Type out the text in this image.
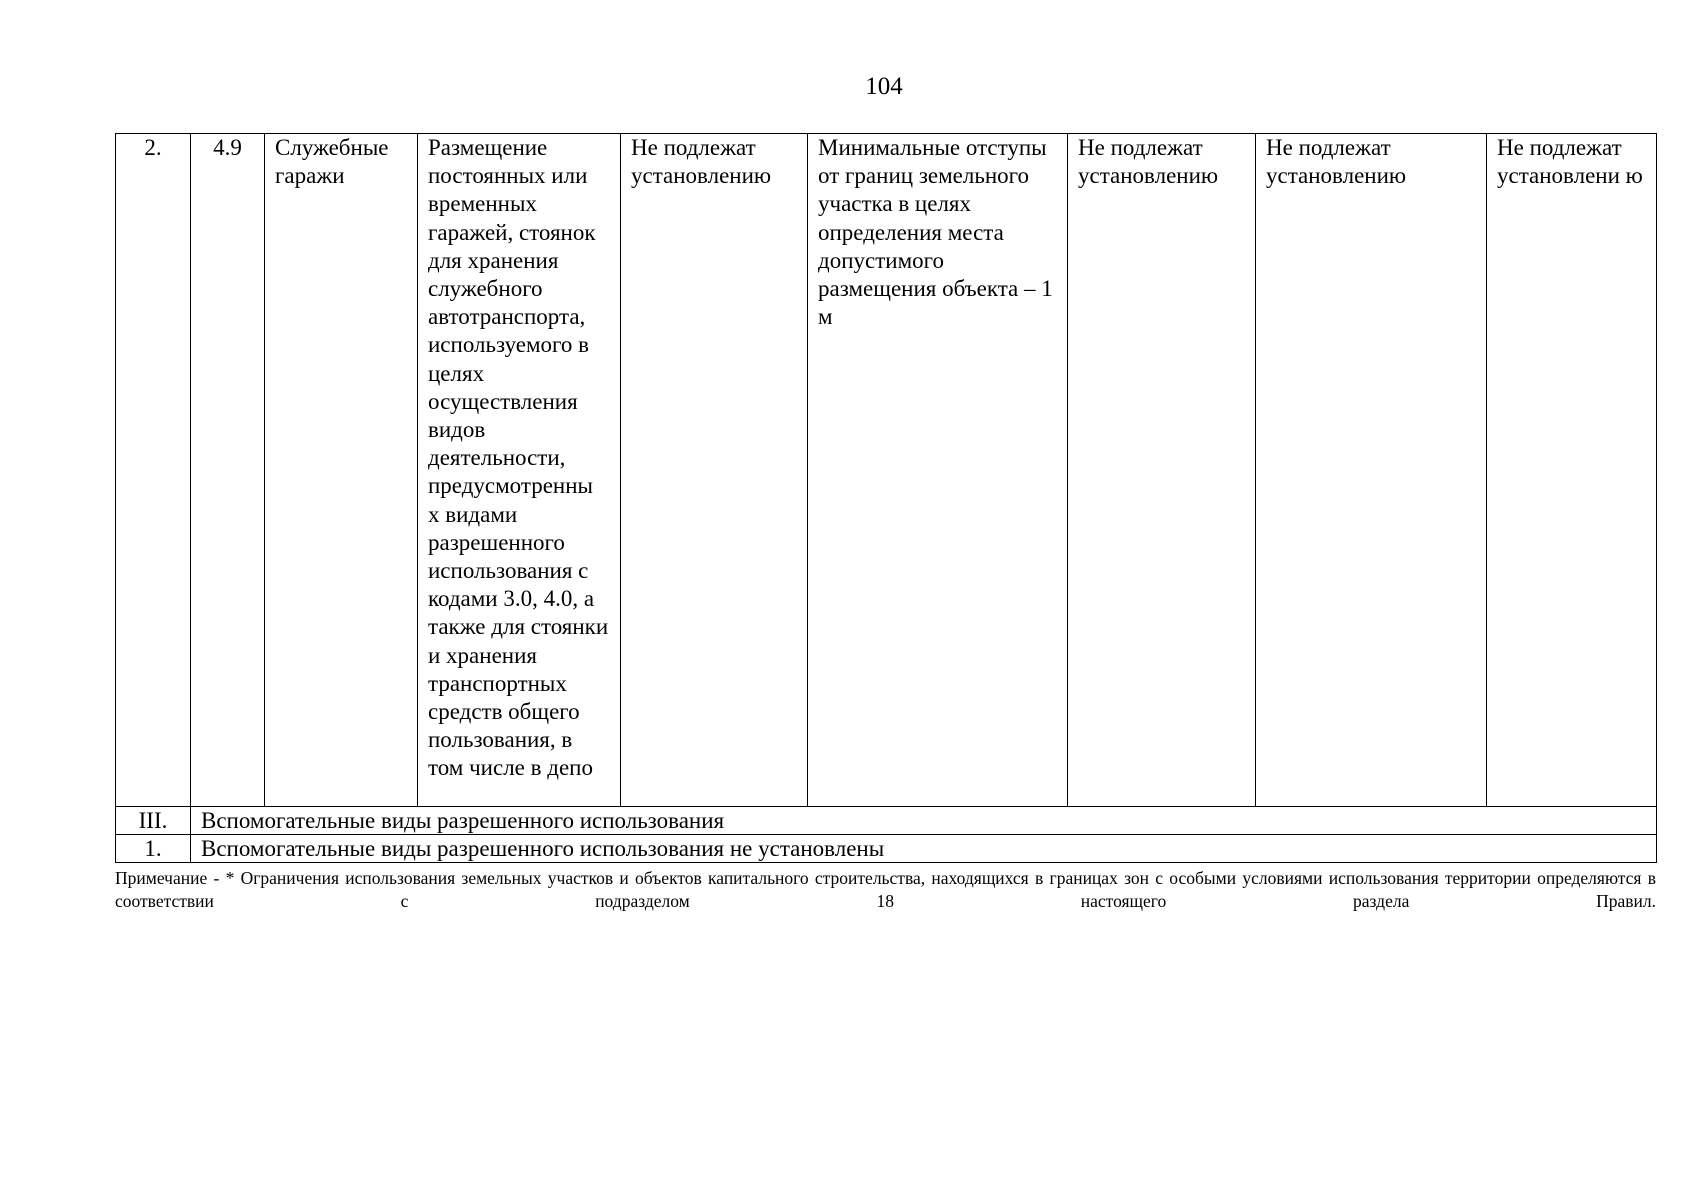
104
2.	4.9	Служебные гаражи	Размещение постоянных или временных гаражей, стоянок для хранения служебного автотранспорта, используемого в целях осуществления видов деятельности, предусмотренны х видами разрешенного использования с кодами 3.0, 4.0, а также для стоянки и хранения транспортных средств общего пользования, в том числе в депо	Не подлежат установлению	Минимальные отступы от границ земельного участка в целях определения места допустимого размещения объекта – 1 м	Не подлежат установлению	Не подлежат установлению	Не подлежат установлени ю
III.	Вспомогательные виды разрешенного использования							
1.	Вспомогательные виды разрешенного использования не установлены							
Примечание - * Ограничения использования земельных участков и объектов капитального строительства, находящихся в границах зон с особыми условиями использования территории определяются в соответствии с подразделом 18 настоящего раздела Правил.
